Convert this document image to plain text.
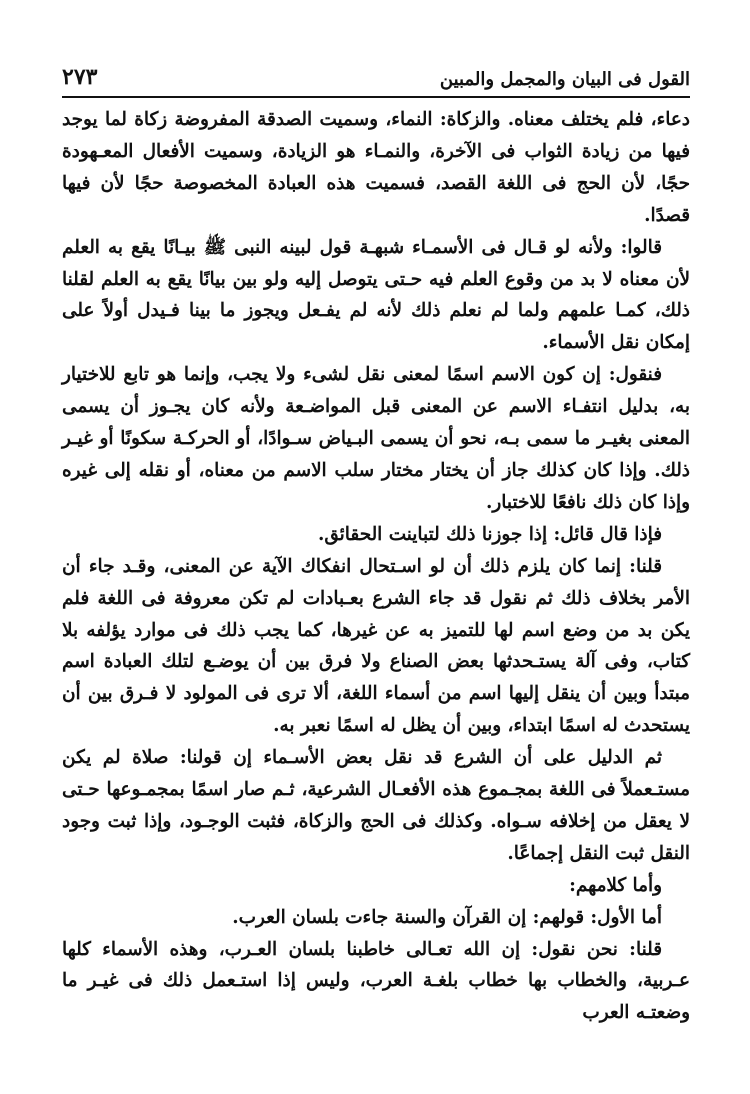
القول فى البيان والمجمل والمبين
٢٧٣

دعاء، فلم يختلف معناه. والزكاة: النماء، وسميت الصدقة المفروضة زكاة لما يوجد فيها من زيادة الثواب فى الآخرة، والنمـاء هو الزيادة، وسميت الأفعال المعـهودة حجًا، لأن الحج فى اللغة القصد، فسميت هذه العبادة المخصوصة حجًا لأن فيها قصدًا.

قالوا: ولأنه لو قـال فى الأسمـاء شبهـة قول لبينه النبى ﷺ بيـانًا يقع به العلم لأن معناه لا بد من وقوع العلم فيه حـتى يتوصل إليه ولو بين بيانًا يقع به العلم لقلنا ذلك، كمـا علمهم ولما لم نعلم ذلك لأنه لم يفـعل ويجوز ما بينا فـيدل أولاً على إمكان نقل الأسماء.

فنقول: إن كون الاسم اسمًا لمعنى نقل لشىء ولا يجب، وإنما هو تابع للاختيار به، بدليل انتفـاء الاسم عن المعنى قبل المواضـعة ولأنه كان يجـوز أن يسمى المعنى بغيـر ما سمى بـه، نحو أن يسمى البـياض سـوادًا، أو الحركـة سكونًا أو غيـر ذلك. وإذا كان كذلك جاز أن يختار مختار سلب الاسم من معناه، أو نقله إلى غيره وإذا كان ذلك نافعًا للاختبار.

فإذا قال قائل: إذا جوزنا ذلك لتباينت الحقائق.

قلنا: إنما كان يلزم ذلك أن لو اسـتحال انفكاك الآية عن المعنى، وقـد جاء أن الأمر بخلاف ذلك ثم نقول قد جاء الشرع بعـبادات لم تكن معروفة فى اللغة فلم يكن بد من وضع اسم لها للتميز به عن غيرها، كما يجب ذلك فى موارد يؤلفه بلا كتاب، وفى آلة يستـحدثها بعض الصناع ولا فرق بين أن يوضـع لتلك العبادة اسم مبتدأ وبين أن ينقل إليها اسم من أسماء اللغة، ألا ترى فى المولود لا فـرق بين أن يستحدث له اسمًا ابتداء، وبين أن يظل له اسمًا نعبر به.

ثم الدليل على أن الشرع قد نقل بعض الأسـماء إن قولنا: صلاة لم يكن مستـعملاً فى اللغة بمجـموع هذه الأفعـال الشرعية، ثـم صار اسمًا بمجمـوعها حـتى لا يعقل من إخلافه سـواه. وكذلك فى الحج والزكاة، فثبت الوجـود، وإذا ثبت وجود النقل ثبت النقل إجماعًا.

وأما كلامهم:

أما الأول: قولهم: إن القرآن والسنة جاءت بلسان العرب.

قلنا: نحن نقول: إن الله تعـالى خاطبنا بلسان العـرب، وهذه الأسماء كلها عـربية، والخطاب بها خطاب بلغـة العرب، وليس إذا استـعمل ذلك فى غيـر ما وضعتـه العرب
